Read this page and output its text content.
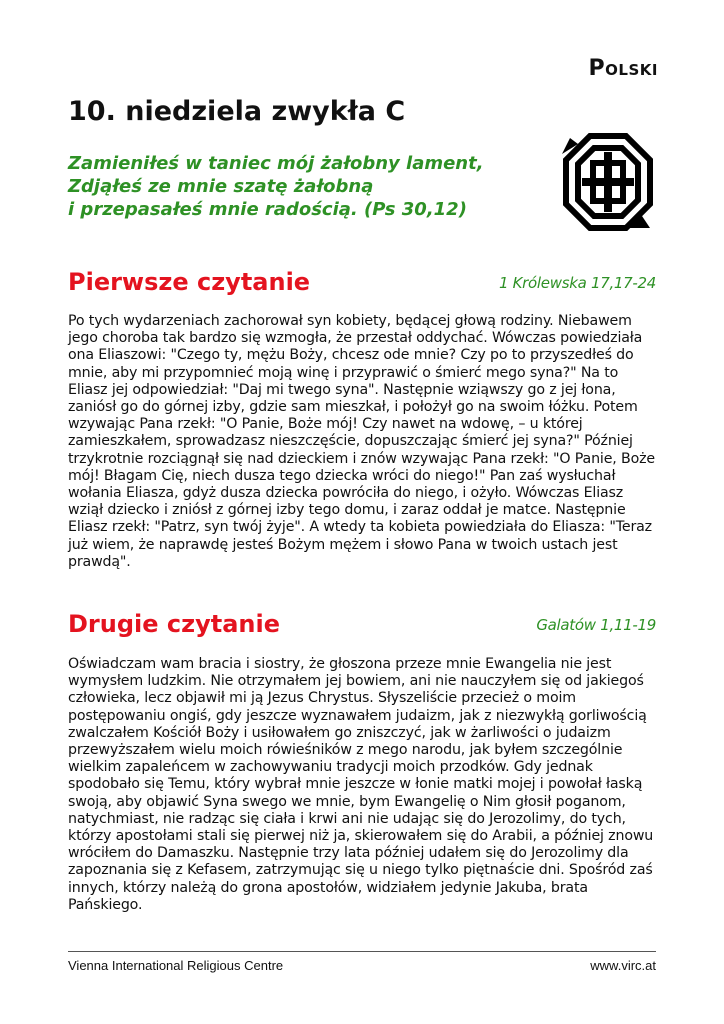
Polski
10. niedziela zwykła C
Zamieniłeś w taniec mój żałobny lament,
Zdjąłeś ze mnie szatę żałobną
i przepasałeś mnie radością. (Ps 30,12)
Pierwsze czytanie	1 Królewska 17,17-24

Po tych wydarzeniach zachorował syn kobiety, będącej głową rodziny. Niebawem jego choroba tak bardzo się wzmogła, że przestał oddychać. Wówczas powiedziała ona Eliaszowi: "Czego ty, mężu Boży, chcesz ode mnie? Czy po to przyszedłeś do mnie, aby mi przypomnieć moją winę i przyprawić o śmierć mego syna?" Na to Eliasz jej odpowiedział: "Daj mi twego syna". Następnie wziąwszy go z jej łona, zaniósł go do górnej izby, gdzie sam mieszkał, i położył go na swoim łóżku. Potem wzywając Pana rzekł: "O Panie, Boże mój! Czy nawet na wdowę, – u której zamieszkałem, sprowadzasz nieszczęście, dopuszczając śmierć jej syna?" Później trzykrotnie rozciągnął się nad dzieckiem i znów wzywając Pana rzekł: "O Panie, Boże mój! Błagam Cię, niech dusza tego dziecka wróci do niego!" Pan zaś wysłuchał wołania Eliasza, gdyż dusza dziecka powróciła do niego, i ożyło. Wówczas Eliasz wziął dziecko i zniósł z górnej izby tego domu, i zaraz oddał je matce. Następnie Eliasz rzekł: "Patrz, syn twój żyje". A wtedy ta kobieta powiedziała do Eliasza: "Teraz już wiem, że naprawdę jesteś Bożym mężem i słowo Pana w twoich ustach jest prawdą".

Drugie czytanie	Galatów 1,11-19

Oświadczam wam bracia i siostry, że głoszona przeze mnie Ewangelia nie jest wymysłem ludzkim. Nie otrzymałem jej bowiem, ani nie nauczyłem się od jakiegoś człowieka, lecz objawił mi ją Jezus Chrystus. Słyszeliście przecież o moim postępowaniu ongiś, gdy jeszcze wyznawałem judaizm, jak z niezwykłą gorliwością zwalczałem Kościół Boży i usiłowałem go zniszczyć, jak w żarliwości o judaizm przewyższałem wielu moich rówieśników z mego narodu, jak byłem szczególnie wielkim zapaleńcem w zachowywaniu tradycji moich przodków. Gdy jednak spodobało się Temu, który wybrał mnie jeszcze w łonie matki mojej i powołał łaską swoją, aby objawić Syna swego we mnie, bym Ewangelię o Nim głosił poganom, natychmiast, nie radząc się ciała i krwi ani nie udając się do Jerozolimy, do tych, którzy apostołami stali się pierwej niż ja, skierowałem się do Arabii, a później znowu wróciłem do Damaszku. Następnie trzy lata później udałem się do Jerozolimy dla zapoznania się z Kefasem, zatrzymując się u niego tylko piętnaście dni. Spośród zaś innych, którzy należą do grona apostołów, widziałem jedynie Jakuba, brata Pańskiego.

Vienna International Religious Centre	www.virc.at
